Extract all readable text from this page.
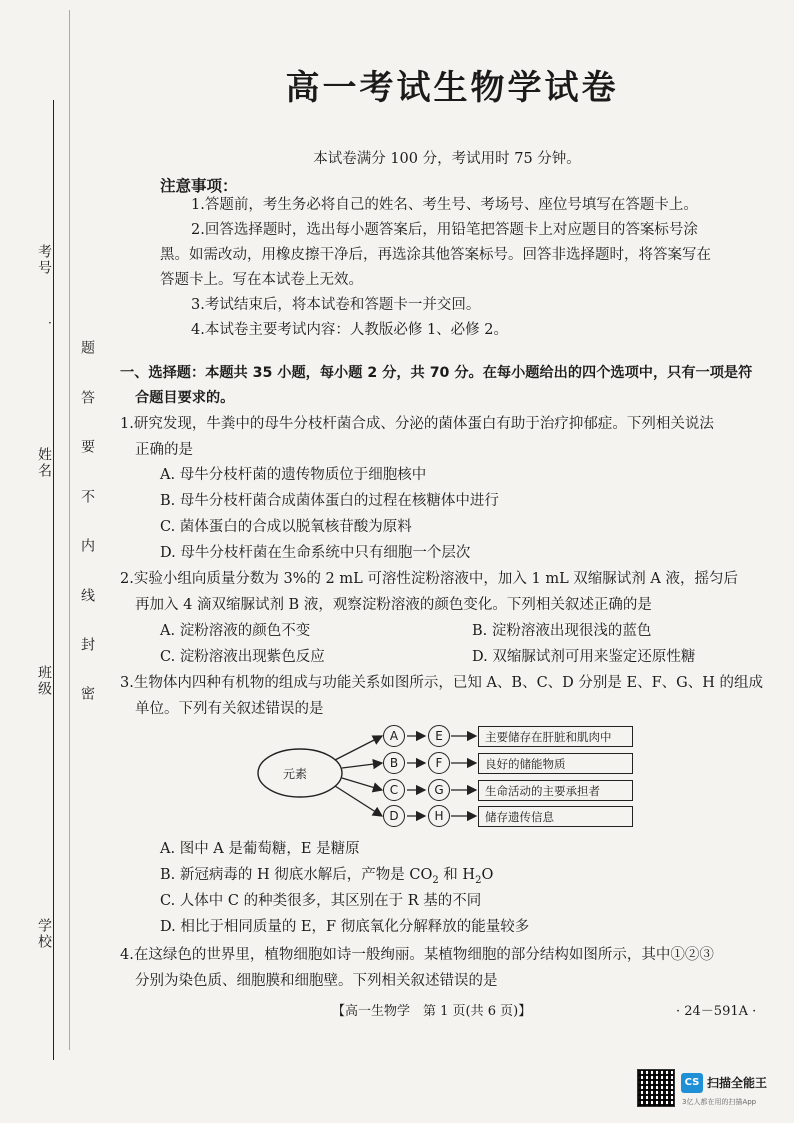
考号
姓名
班级
学校
·
题
答
要
不
内
线
封
密
高一考试生物学试卷
本试卷满分 100 分，考试用时 75 分钟。
注意事项：
1.答题前，考生务必将自己的姓名、考生号、考场号、座位号填写在答题卡上。
2.回答选择题时，选出每小题答案后，用铅笔把答题卡上对应题目的答案标号涂
黑。如需改动，用橡皮擦干净后，再选涂其他答案标号。回答非选择题时，将答案写在
答题卡上。写在本试卷上无效。
3.考试结束后，将本试卷和答题卡一并交回。
4.本试卷主要考试内容：人教版必修 1、必修 2。
一、选择题：本题共 35 小题，每小题 2 分，共 70 分。在每小题给出的四个选项中，只有一项是符
合题目要求的。
1.研究发现，牛粪中的母牛分枝杆菌合成、分泌的菌体蛋白有助于治疗抑郁症。下列相关说法
正确的是
A. 母牛分枝杆菌的遗传物质位于细胞核中
B. 母牛分枝杆菌合成菌体蛋白的过程在核糖体中进行
C. 菌体蛋白的合成以脱氧核苷酸为原料
D. 母牛分枝杆菌在生命系统中只有细胞一个层次
2.实验小组向质量分数为 3%的 2 mL 可溶性淀粉溶液中，加入 1 mL 双缩脲试剂 A 液，摇匀后
再加入 4 滴双缩脲试剂 B 液，观察淀粉溶液的颜色变化。下列相关叙述正确的是
A. 淀粉溶液的颜色不变	B. 淀粉溶液出现很浅的蓝色
C. 淀粉溶液出现紫色反应	D. 双缩脲试剂可用来鉴定还原性糖
3.生物体内四种有机物的组成与功能关系如图所示，已知 A、B、C、D 分别是 E、F、G、H 的组成
单位。下列有关叙述错误的是
元素
A
B
C
D
E
F
G
H
主要储存在肝脏和肌肉中
良好的储能物质
生命活动的主要承担者
储存遗传信息
A. 图中 A 是葡萄糖，E 是糖原
B. 新冠病毒的 H 彻底水解后，产物是 $CO_2$ 和 $H_2O$
C. 人体中 C 的种类很多，其区别在于 R 基的不同
D. 相比于相同质量的 E，F 彻底氧化分解释放的能量较多
4.在这绿色的世界里，植物细胞如诗一般绚丽。某植物细胞的部分结构如图所示，其中①②③
分别为染色质、细胞膜和细胞壁。下列相关叙述错误的是
【高一生物学　第 1 页(共 6 页)】	· 24－591A ·
CS 扫描全能王
3亿人都在用的扫描App
